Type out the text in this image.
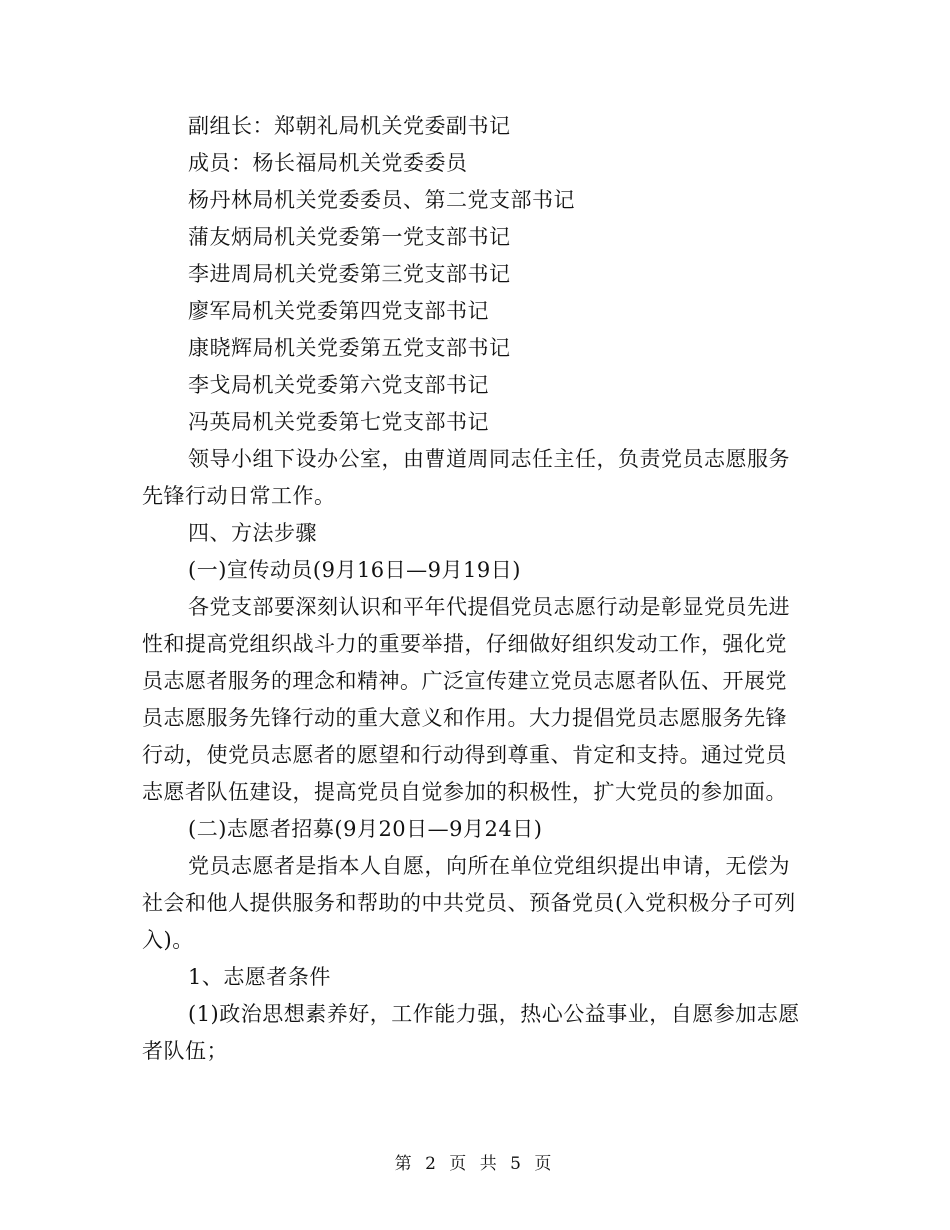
副组长：郑朝礼局机关党委副书记
成员：杨长福局机关党委委员
杨丹林局机关党委委员、第二党支部书记
蒲友炳局机关党委第一党支部书记
李进周局机关党委第三党支部书记
廖军局机关党委第四党支部书记
康晓辉局机关党委第五党支部书记
李戈局机关党委第六党支部书记
冯英局机关党委第七党支部书记
领导小组下设办公室，由曹道周同志任主任，负责党员志愿服务
先锋行动日常工作。
四、方法步骤
(一)宣传动员(9月16日—9月19日)
各党支部要深刻认识和平年代提倡党员志愿行动是彰显党员先进
性和提高党组织战斗力的重要举措，仔细做好组织发动工作，强化党
员志愿者服务的理念和精神。广泛宣传建立党员志愿者队伍、开展党
员志愿服务先锋行动的重大意义和作用。大力提倡党员志愿服务先锋
行动，使党员志愿者的愿望和行动得到尊重、肯定和支持。通过党员
志愿者队伍建设，提高党员自觉参加的积极性，扩大党员的参加面。
(二)志愿者招募(9月20日—9月24日)
党员志愿者是指本人自愿，向所在单位党组织提出申请，无偿为
社会和他人提供服务和帮助的中共党员、预备党员(入党积极分子可列
入)。
1、志愿者条件
(1)政治思想素养好，工作能力强，热心公益事业，自愿参加志愿
者队伍；
第 2 页 共 5 页
